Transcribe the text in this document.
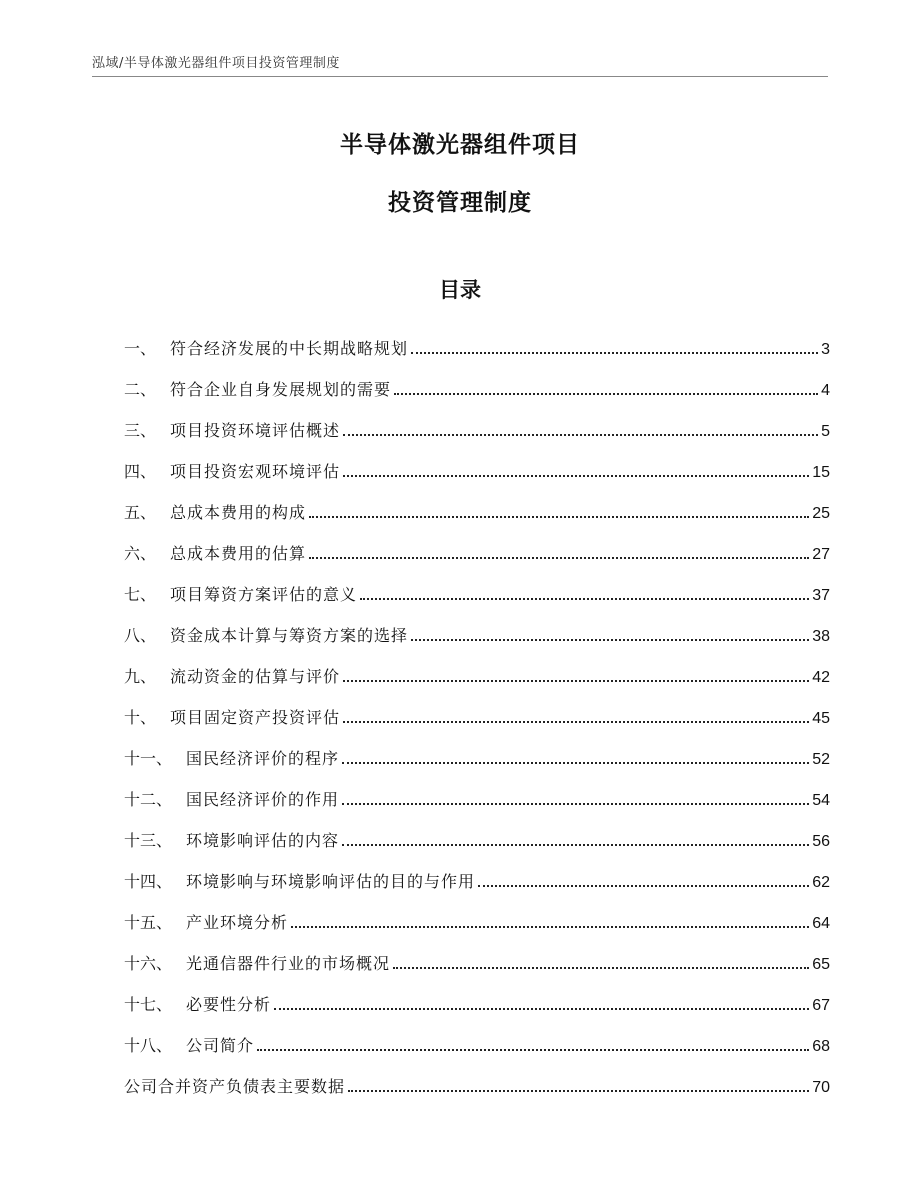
泓域/半导体激光器组件项目投资管理制度
半导体激光器组件项目
投资管理制度
目录
一、 符合经济发展的中长期战略规划	3
二、 符合企业自身发展规划的需要	4
三、 项目投资环境评估概述	5
四、 项目投资宏观环境评估	15
五、 总成本费用的构成	25
六、 总成本费用的估算	27
七、 项目筹资方案评估的意义	37
八、 资金成本计算与筹资方案的选择	38
九、 流动资金的估算与评价	42
十、 项目固定资产投资评估	45
十一、 国民经济评价的程序	52
十二、 国民经济评价的作用	54
十三、 环境影响评估的内容	56
十四、 环境影响与环境影响评估的目的与作用	62
十五、 产业环境分析	64
十六、 光通信器件行业的市场概况	65
十七、 必要性分析	67
十八、 公司简介	68
公司合并资产负债表主要数据	70
